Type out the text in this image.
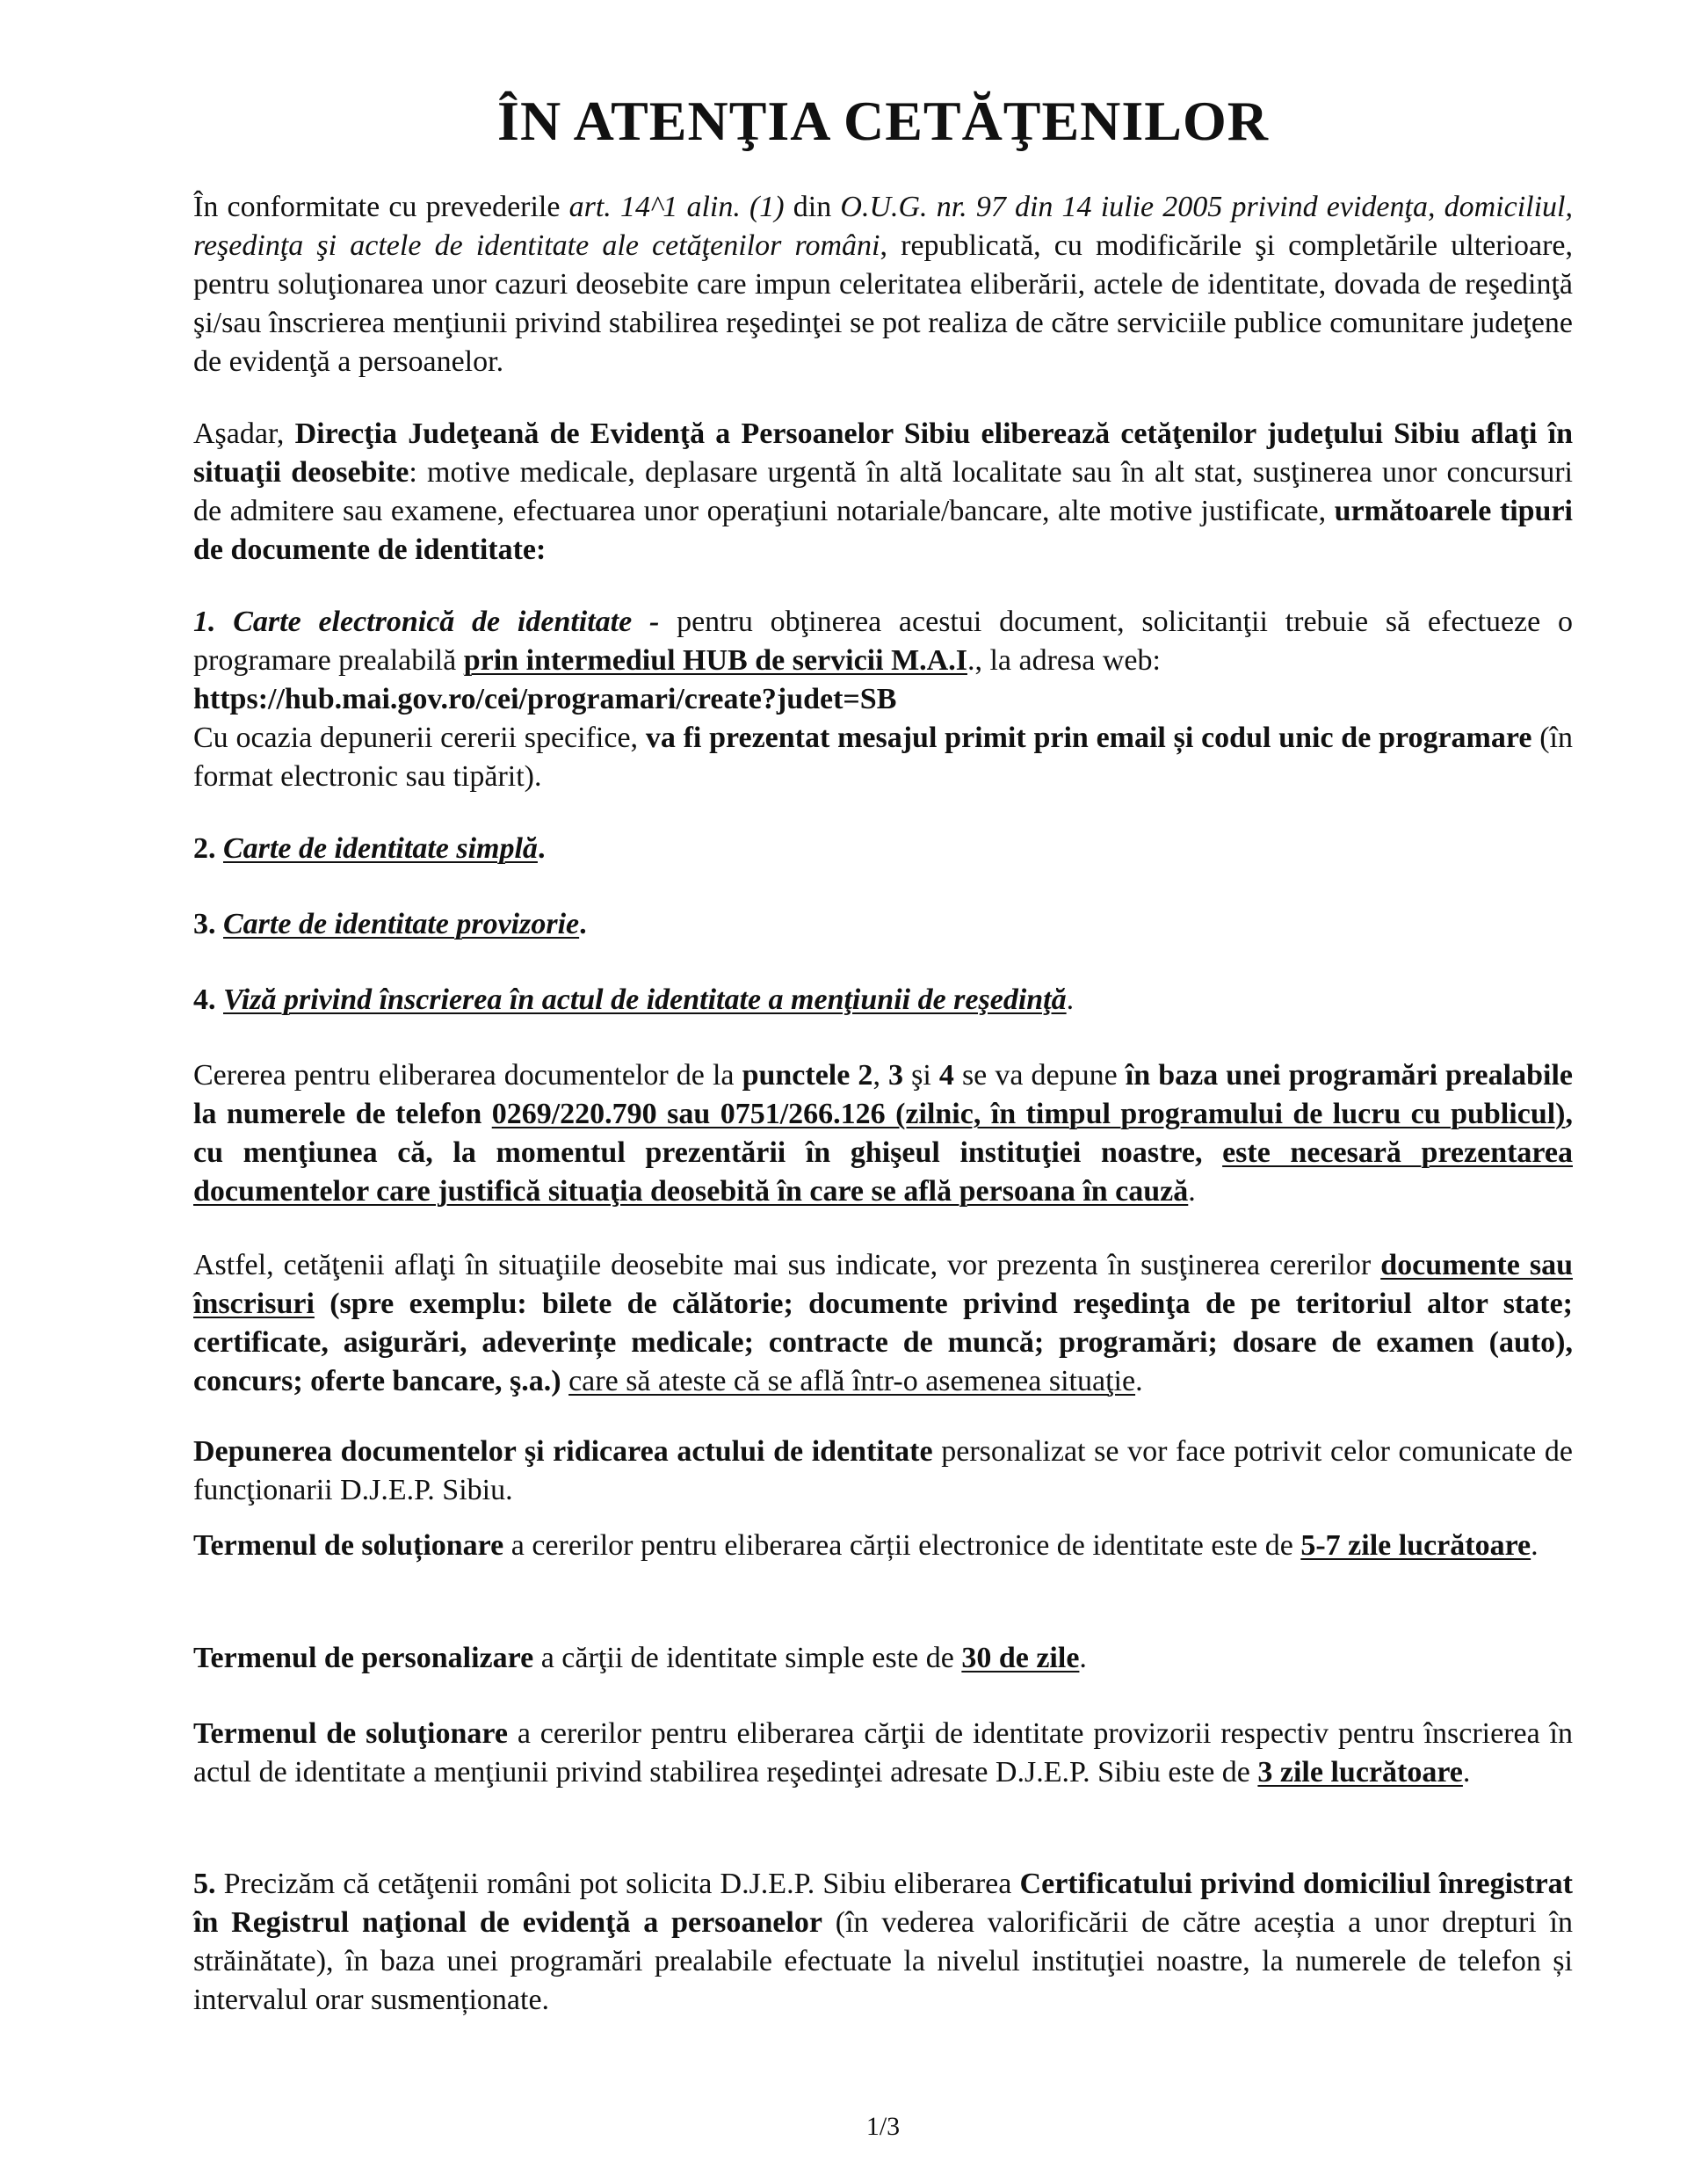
ÎN ATENŢIA CETĂŢENILOR

În conformitate cu prevederile art. 14^1 alin. (1) din O.U.G. nr. 97 din 14 iulie 2005 privind evidenţa, domiciliul, reşedinţa şi actele de identitate ale cetăţenilor români, republicată, cu modificările şi completările ulterioare, pentru soluţionarea unor cazuri deosebite care impun celeritatea eliberării, actele de identitate, dovada de reşedinţă şi/sau înscrierea menţiunii privind stabilirea reşedinţei se pot realiza de către serviciile publice comunitare judeţene de evidenţă a persoanelor.

Aşadar, Direcţia Judeţeană de Evidenţă a Persoanelor Sibiu eliberează cetăţenilor judeţului Sibiu aflaţi în situaţii deosebite: motive medicale, deplasare urgentă în altă localitate sau în alt stat, susţinerea unor concursuri de admitere sau examene, efectuarea unor operaţiuni notariale/bancare, alte motive justificate, următoarele tipuri de documente de identitate:

1. Carte electronică de identitate - pentru obţinerea acestui document, solicitanţii trebuie să efectueze o programare prealabilă prin intermediul HUB de servicii M.A.I., la adresa web:
https://hub.mai.gov.ro/cei/programari/create?judet=SB
Cu ocazia depunerii cererii specifice, va fi prezentat mesajul primit prin email și codul unic de programare (în format electronic sau tipărit).

2. Carte de identitate simplă.

3. Carte de identitate provizorie.

4. Viză privind înscrierea în actul de identitate a menţiunii de reşedinţă.

Cererea pentru eliberarea documentelor de la punctele 2, 3 şi 4 se va depune în baza unei programări prealabile la numerele de telefon 0269/220.790 sau 0751/266.126 (zilnic, în timpul programului de lucru cu publicul), cu menţiunea că, la momentul prezentării în ghişeul instituţiei noastre, este necesară prezentarea documentelor care justifică situaţia deosebită în care se află persoana în cauză.

Astfel, cetăţenii aflaţi în situaţiile deosebite mai sus indicate, vor prezenta în susţinerea cererilor documente sau înscrisuri (spre exemplu: bilete de călătorie; documente privind reşedinţa de pe teritoriul altor state; certificate, asigurări, adeverințe medicale; contracte de muncă; programări; dosare de examen (auto), concurs; oferte bancare, ş.a.) care să ateste că se află într-o asemenea situaţie.

Depunerea documentelor şi ridicarea actului de identitate personalizat se vor face potrivit celor comunicate de funcţionarii D.J.E.P. Sibiu.

Termenul de soluționare a cererilor pentru eliberarea cărții electronice de identitate este de 5-7 zile lucrătoare.

Termenul de personalizare a cărţii de identitate simple este de 30 de zile.

Termenul de soluţionare a cererilor pentru eliberarea cărţii de identitate provizorii respectiv pentru înscrierea în actul de identitate a menţiunii privind stabilirea reşedinţei adresate D.J.E.P. Sibiu este de 3 zile lucrătoare.

5. Precizăm că cetăţenii români pot solicita D.J.E.P. Sibiu eliberarea Certificatului privind domiciliul înregistrat în Registrul naţional de evidenţă a persoanelor (în vederea valorificării de către aceștia a unor drepturi în străinătate), în baza unei programări prealabile efectuate la nivelul instituţiei noastre, la numerele de telefon și intervalul orar susmenționate.

1/3
